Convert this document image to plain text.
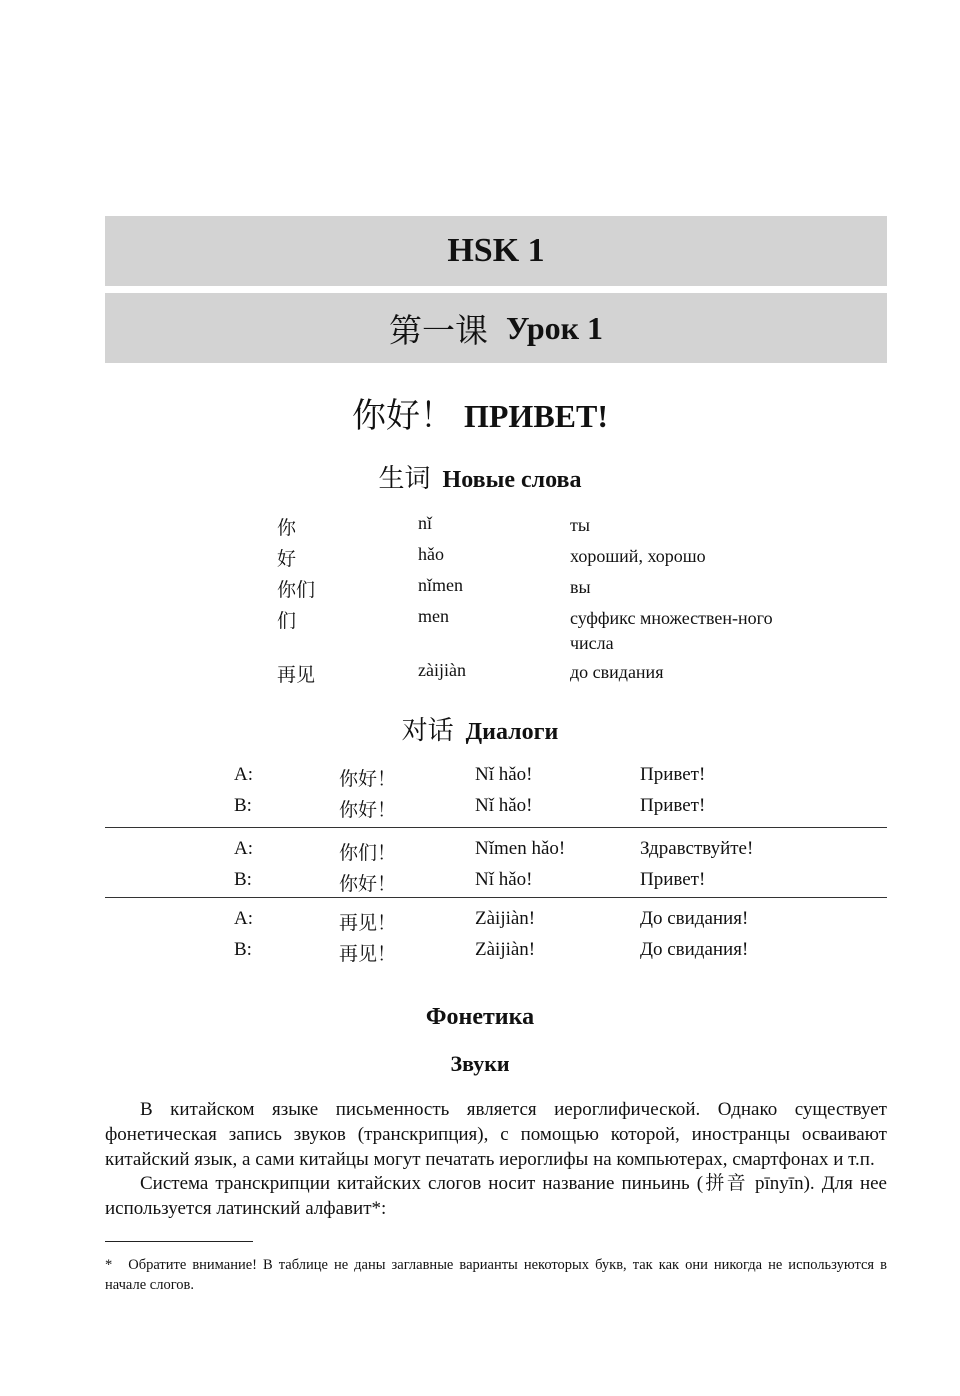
HSK 1
第一课 Урок 1
你好！ ПРИВЕТ!
生词 Новые слова
你	nǐ	ты
好	hǎo	хороший, хорошо
你们	nǐmen	вы
们	men	суффикс множествен-ного числа
再见	zàijiàn	до свидания
对话 Диалоги
A:	你好！	Nǐ hǎo!	Привет!
B:	你好！	Nǐ hǎo!	Привет!
A:	你们！	Nǐmen hǎo!	Здравствуйте!
B:	你好！	Nǐ hǎo!	Привет!
A:	再见！	Zàijiàn!	До свидания!
B:	再见！	Zàijiàn!	До свидания!
Фонетика
Звуки

В китайском языке письменность является иероглифической. Однако существует фонетическая запись звуков (транскрипция), с помощью которой, иностранцы осваивают китайский язык, а сами китайцы могут печатать иероглифы на компьютерах, смартфонах и т.п.

Система транскрипции китайских слогов носит название пиньинь (拼音 pīnyīn). Для нее используется латинский алфавит*:

* Обратите внимание! В таблице не даны заглавные варианты некоторых букв, так как они никогда не используются в начале слогов.
